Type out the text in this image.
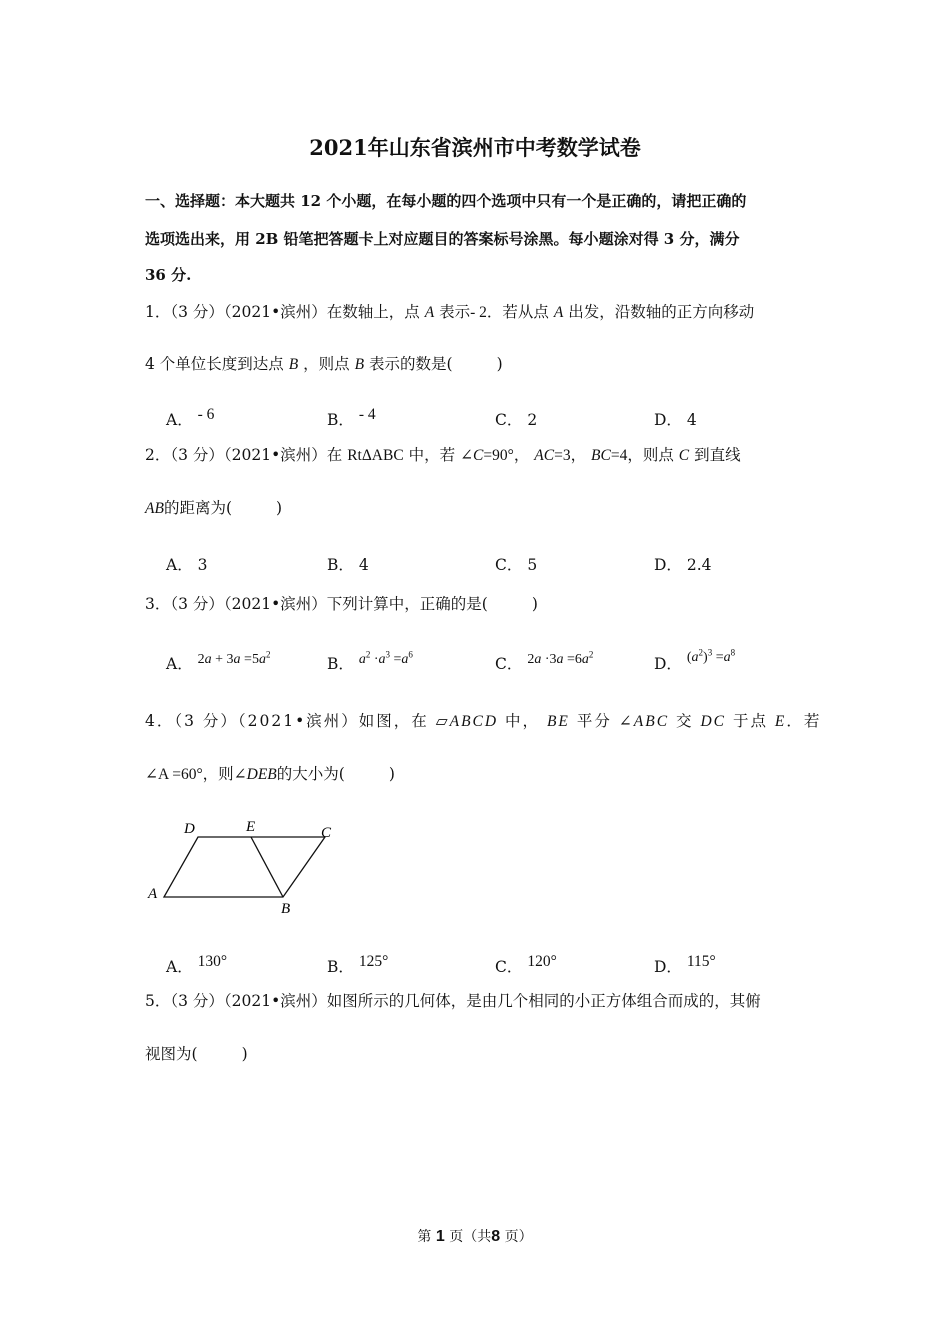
2021年山东省滨州市中考数学试卷
一、选择题：本大题共 12 个小题，在每小题的四个选项中只有一个是正确的，请把正确的
选项选出来，用 2B 铅笔把答题卡上对应题目的答案标号涂黑。每小题涂对得 3 分，满分
36 分.
1．（3 分）（2021•滨州）在数轴上，点 A 表示- 2．若从点 A 出发，沿数轴的正方向移动
4 个单位长度到达点 B ，则点 B 表示的数是(	)
A． - 6	B． - 4	C． 2	D． 4
2．（3 分）（2021•滨州）在 RtΔABC 中，若 ∠C=90°， AC=3， BC=4，则点 C 到直线
AB的距离为(	)
A． 3	B． 4	C． 5	D． 2.4
3．（3 分）（2021•滨州）下列计算中，正确的是(	)
A． $2a + 3a =5a^2$
B． $a^2 \cdot a^3 =a^6$
C． $2a \cdot 3a =6a^2$
D． $(a^2)^3 =a^8$
4．（3 分）（2021•滨州）如图，在 ▱ABCD 中， BE 平分 ∠ABC 交 DC 于点 E．若
∠A =60°，则∠DEB的大小为(	)
D	E	C
A
B
A． 130°	B． 125°	C． 120°	D． 115°
5．（3 分）（2021•滨州）如图所示的几何体，是由几个相同的小正方体组合而成的，其俯
视图为(	)
第 1 页（共8 页）
